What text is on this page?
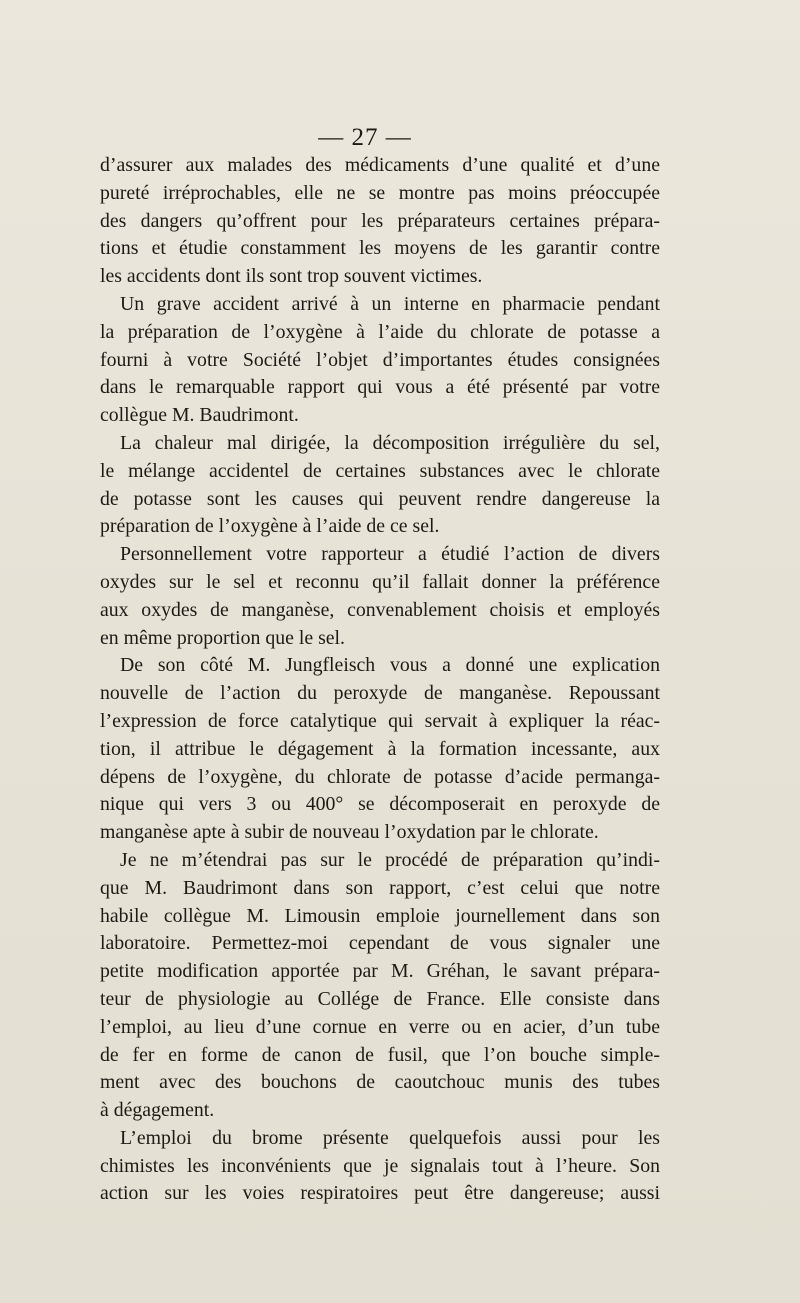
— 27 —
d’assurer aux malades des médicaments d’une qualité et d’une
pureté irréprochables, elle ne se montre pas moins préoccupée
des dangers qu’offrent pour les préparateurs certaines prépara-
tions et étudie constamment les moyens de les garantir contre
les accidents dont ils sont trop souvent victimes.
Un grave accident arrivé à un interne en pharmacie pendant
la préparation de l’oxygène à l’aide du chlorate de potasse a
fourni à votre Société l’objet d’importantes études consignées
dans le remarquable rapport qui vous a été présenté par votre
collègue M. Baudrimont.
La chaleur mal dirigée, la décomposition irrégulière du sel,
le mélange accidentel de certaines substances avec le chlorate
de potasse sont les causes qui peuvent rendre dangereuse la
préparation de l’oxygène à l’aide de ce sel.
Personnellement votre rapporteur a étudié l’action de divers
oxydes sur le sel et reconnu qu’il fallait donner la préférence
aux oxydes de manganèse, convenablement choisis et employés
en même proportion que le sel.
De son côté M. Jungfleisch vous a donné une explication
nouvelle de l’action du peroxyde de manganèse. Repoussant
l’expression de force catalytique qui servait à expliquer la réac-
tion, il attribue le dégagement à la formation incessante, aux
dépens de l’oxygène, du chlorate de potasse d’acide permanga-
nique qui vers 3 ou 400° se décomposerait en peroxyde de
manganèse apte à subir de nouveau l’oxydation par le chlorate.
Je ne m’étendrai pas sur le procédé de préparation qu’indi-
que M. Baudrimont dans son rapport, c’est celui que notre
habile collègue M. Limousin emploie journellement dans son
laboratoire. Permettez-moi cependant de vous signaler une
petite modification apportée par M. Gréhan, le savant prépara-
teur de physiologie au Collége de France. Elle consiste dans
l’emploi, au lieu d’une cornue en verre ou en acier, d’un tube
de fer en forme de canon de fusil, que l’on bouche simple-
ment avec des bouchons de caoutchouc munis des tubes
à dégagement.
L’emploi du brome présente quelquefois aussi pour les
chimistes les inconvénients que je signalais tout à l’heure. Son
action sur les voies respiratoires peut être dangereuse; aussi
